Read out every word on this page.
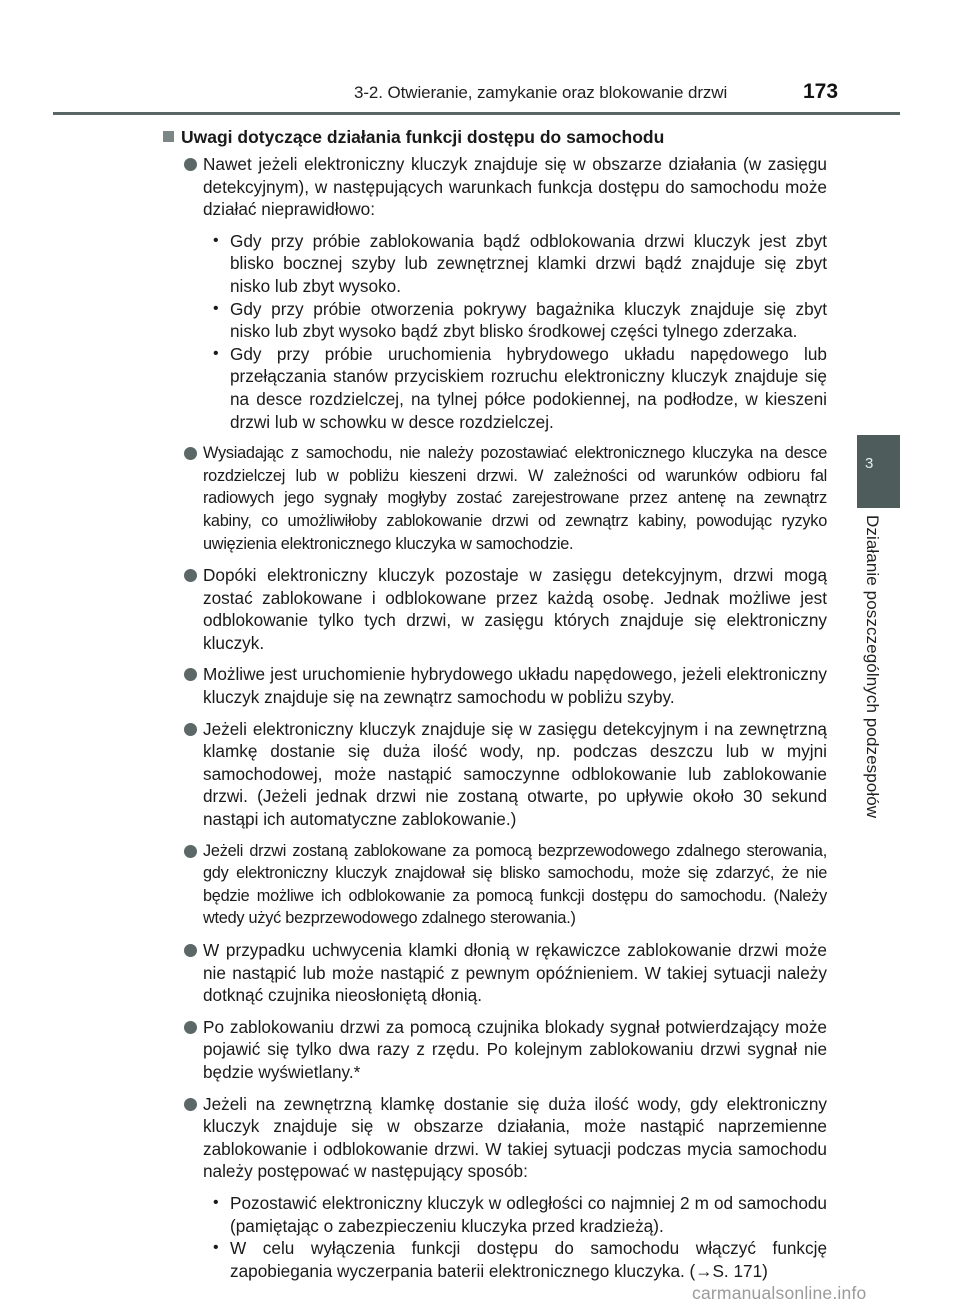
3-2. Otwieranie, zamykanie oraz blokowanie drzwi	173
3
Działanie poszczególnych podzespołów
Uwagi dotyczące działania funkcji dostępu do samochodu
Nawet jeżeli elektroniczny kluczyk znajduje się w obszarze działania (w zasięgu detekcyjnym), w następujących warunkach funkcja dostępu do samochodu może działać nieprawidłowo:
• Gdy przy próbie zablokowania bądź odblokowania drzwi kluczyk jest zbyt blisko bocznej szyby lub zewnętrznej klamki drzwi bądź znajduje się zbyt nisko lub zbyt wysoko.
• Gdy przy próbie otworzenia pokrywy bagażnika kluczyk znajduje się zbyt nisko lub zbyt wysoko bądź zbyt blisko środkowej części tylnego zderzaka.
• Gdy przy próbie uruchomienia hybrydowego układu napędowego lub przełączania stanów przyciskiem rozruchu elektroniczny kluczyk znajduje się na desce rozdzielczej, na tylnej półce podokiennej, na podłodze, w kieszeni drzwi lub w schowku w desce rozdzielczej.
Wysiadając z samochodu, nie należy pozostawiać elektronicznego kluczyka na desce rozdzielczej lub w pobliżu kieszeni drzwi. W zależności od warunków odbioru fal radiowych jego sygnały mogłyby zostać zarejestrowane przez antenę na zewnątrz kabiny, co umożliwiłoby zablokowanie drzwi od zewnątrz kabiny, powodując ryzyko uwięzienia elektronicznego kluczyka w samochodzie.
Dopóki elektroniczny kluczyk pozostaje w zasięgu detekcyjnym, drzwi mogą zostać zablokowane i odblokowane przez każdą osobę. Jednak możliwe jest odblokowanie tylko tych drzwi, w zasięgu których znajduje się elektroniczny kluczyk.
Możliwe jest uruchomienie hybrydowego układu napędowego, jeżeli elektroniczny kluczyk znajduje się na zewnątrz samochodu w pobliżu szyby.
Jeżeli elektroniczny kluczyk znajduje się w zasięgu detekcyjnym i na zewnętrzną klamkę dostanie się duża ilość wody, np. podczas deszczu lub w myjni samochodowej, może nastąpić samoczynne odblokowanie lub zablokowanie drzwi. (Jeżeli jednak drzwi nie zostaną otwarte, po upływie około 30 sekund nastąpi ich automatyczne zablokowanie.)
Jeżeli drzwi zostaną zablokowane za pomocą bezprzewodowego zdalnego sterowania, gdy elektroniczny kluczyk znajdował się blisko samochodu, może się zdarzyć, że nie będzie możliwe ich odblokowanie za pomocą funkcji dostępu do samochodu. (Należy wtedy użyć bezprzewodowego zdalnego sterowania.)
W przypadku uchwycenia klamki dłonią w rękawiczce zablokowanie drzwi może nie nastąpić lub może nastąpić z pewnym opóźnieniem. W takiej sytuacji należy dotknąć czujnika nieosłoniętą dłonią.
Po zablokowaniu drzwi za pomocą czujnika blokady sygnał potwierdzający może pojawić się tylko dwa razy z rzędu. Po kolejnym zablokowaniu drzwi sygnał nie będzie wyświetlany.*
Jeżeli na zewnętrzną klamkę dostanie się duża ilość wody, gdy elektroniczny kluczyk znajduje się w obszarze działania, może nastąpić naprzemienne zablokowanie i odblokowanie drzwi. W takiej sytuacji podczas mycia samochodu należy postępować w następujący sposób:
• Pozostawić elektroniczny kluczyk w odległości co najmniej 2 m od samochodu (pamiętając o zabezpieczeniu kluczyka przed kradzieżą).
• W celu wyłączenia funkcji dostępu do samochodu włączyć funkcję zapobiegania wyczerpania baterii elektronicznego kluczyka. (→S. 171)
carmanualsonline.info
